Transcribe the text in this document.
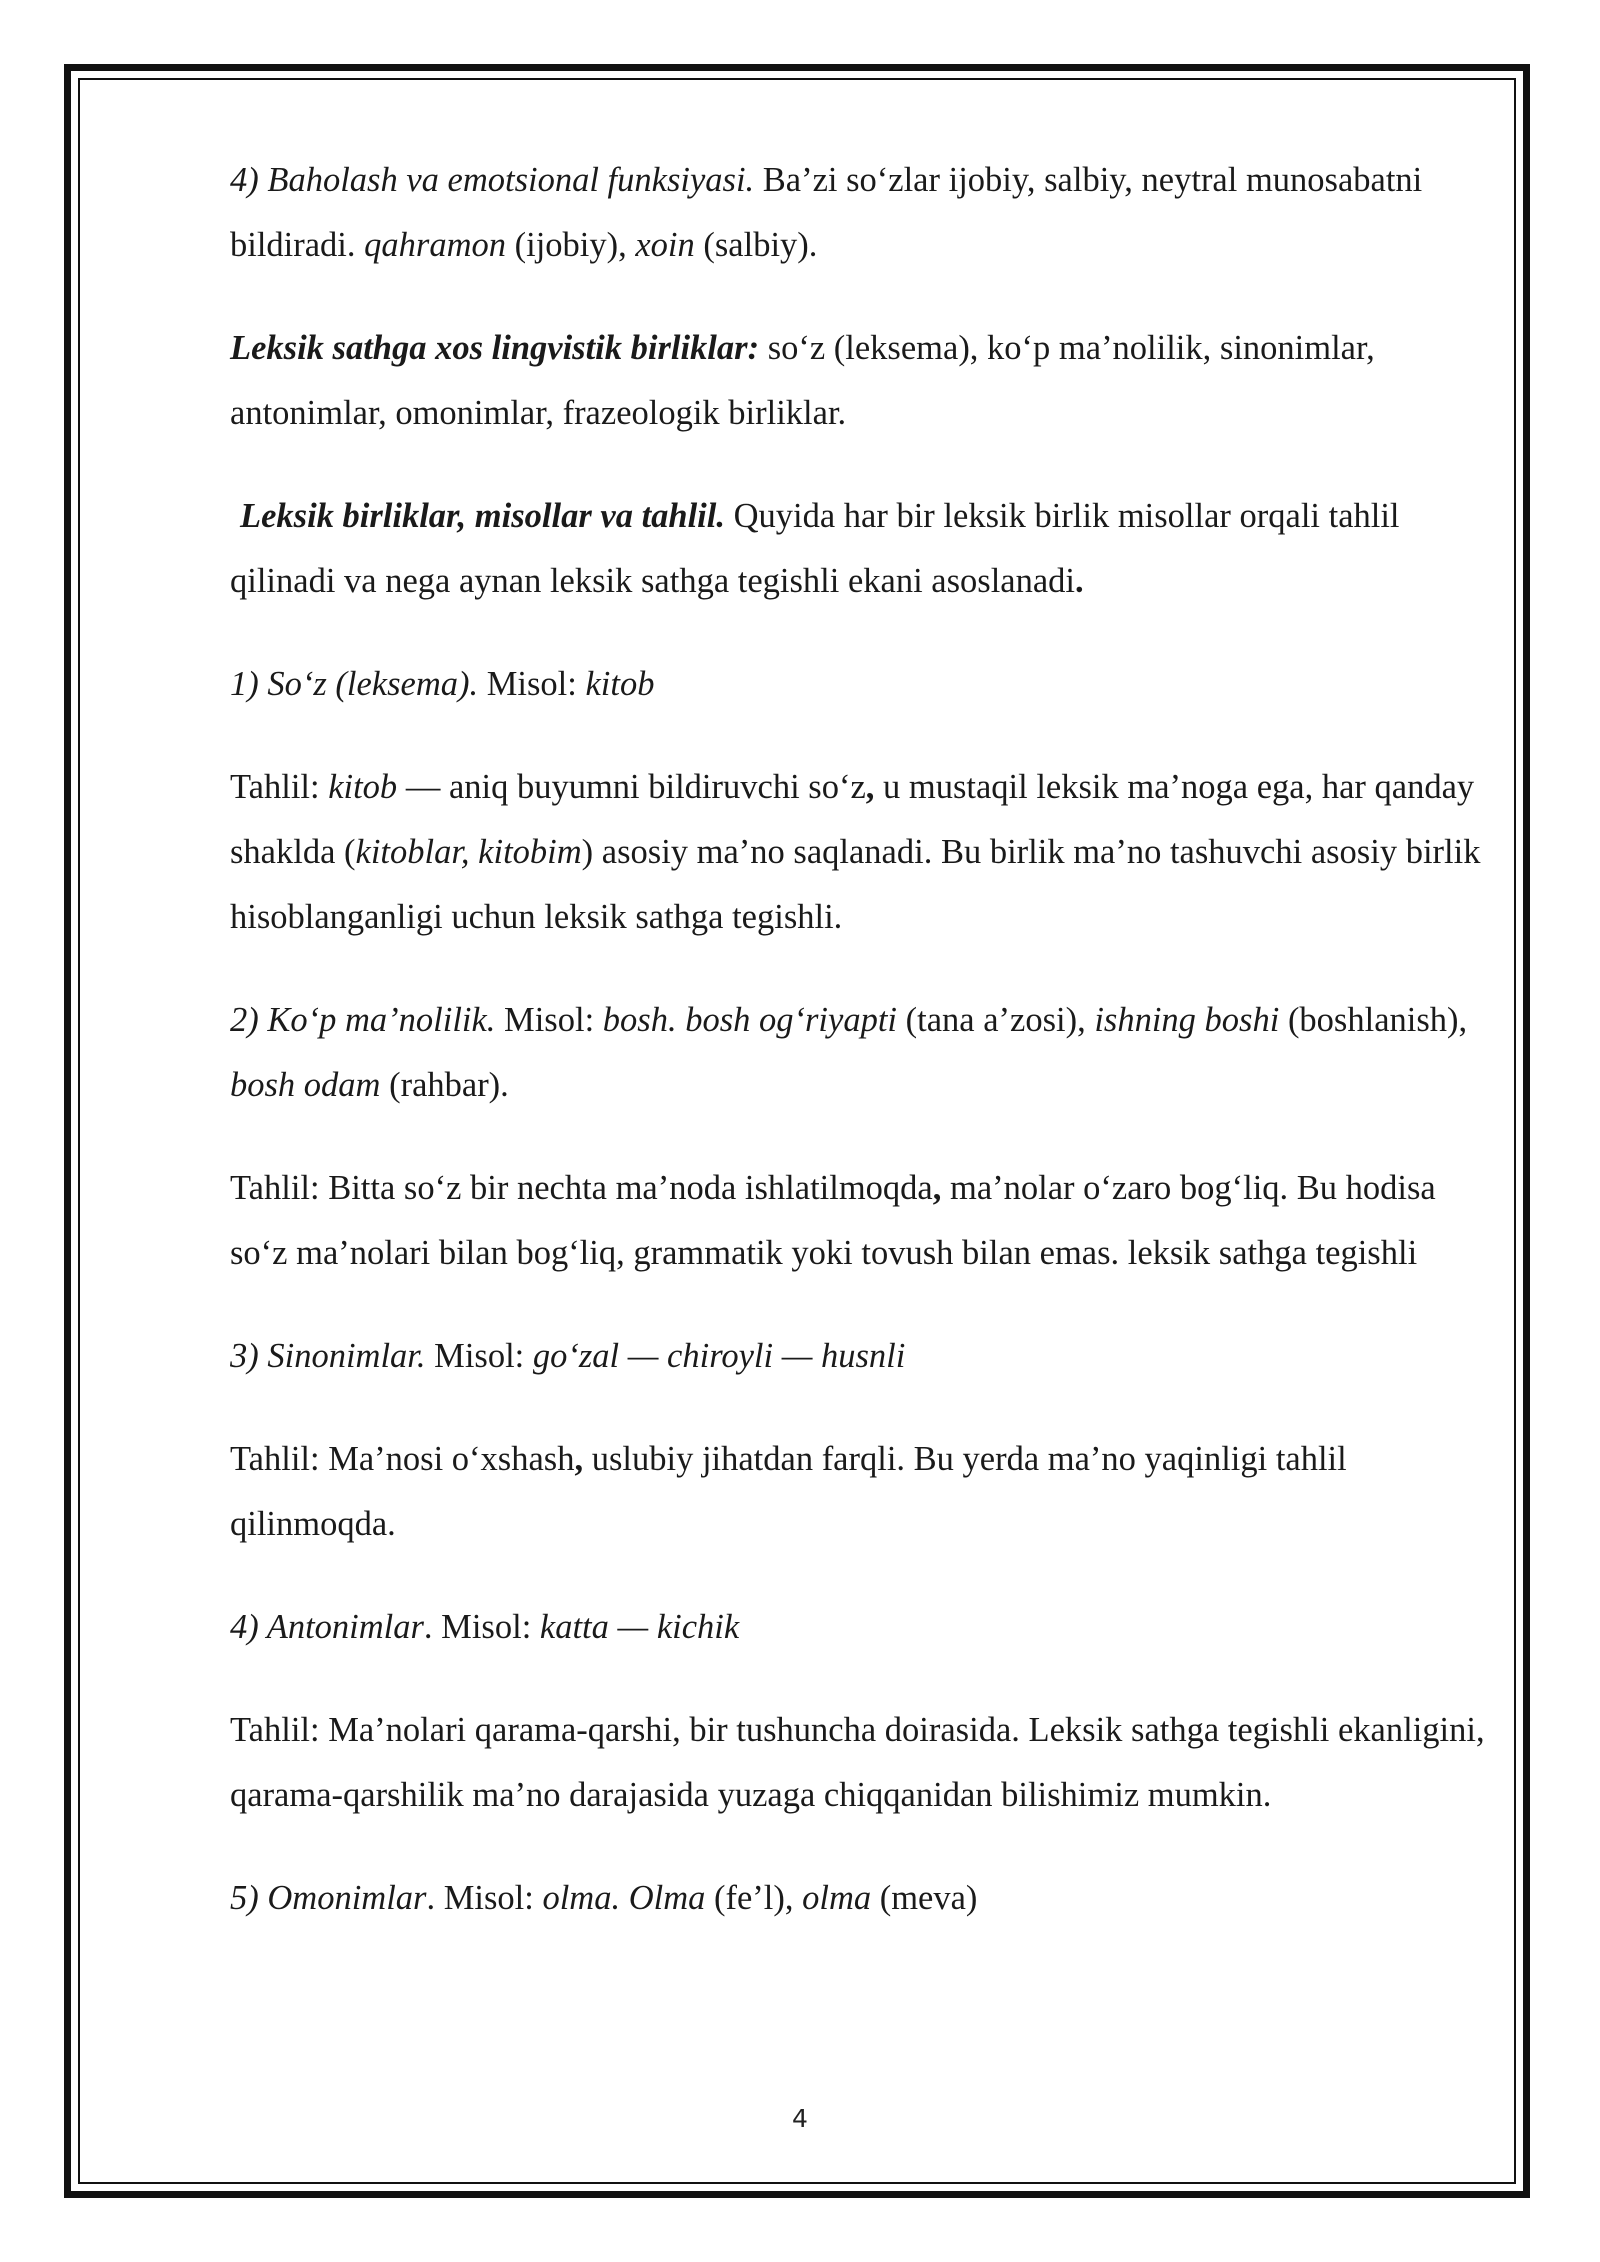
4) Baholash va emotsional funksiyasi. Ba’zi so‘zlar ijobiy, salbiy, neytral munosabatni bildiradi. qahramon (ijobiy), xoin (salbiy).

Leksik sathga xos lingvistik birliklar: so‘z (leksema), ko‘p ma’nolilik, sinonimlar, antonimlar, omonimlar, frazeologik birliklar.

Leksik birliklar, misollar va tahlil. Quyida har bir leksik birlik misollar orqali tahlil qilinadi va nega aynan leksik sathga tegishli ekani asoslanadi.

1) So‘z (leksema). Misol: kitob

Tahlil: kitob — aniq buyumni bildiruvchi so‘z, u mustaqil leksik ma’noga ega, har qanday shaklda (kitoblar, kitobim) asosiy ma’no saqlanadi. Bu birlik ma’no tashuvchi asosiy birlik hisoblanganligi uchun leksik sathga tegishli.

2) Ko‘p ma’nolilik. Misol: bosh. bosh og‘riyapti (tana a’zosi), ishning boshi (boshlanish), bosh odam (rahbar).

Tahlil: Bitta so‘z bir nechta ma’noda ishlatilmoqda, ma’nolar o‘zaro bog‘liq. Bu hodisa so‘z ma’nolari bilan bog‘liq, grammatik yoki tovush bilan emas. leksik sathga tegishli

3) Sinonimlar. Misol: go‘zal — chiroyli — husnli

Tahlil: Ma’nosi o‘xshash, uslubiy jihatdan farqli. Bu yerda ma’no yaqinligi tahlil qilinmoqda.

4) Antonimlar. Misol: katta — kichik

Tahlil: Ma’nolari qarama-qarshi, bir tushuncha doirasida. Leksik sathga tegishli ekanligini, qarama-qarshilik ma’no darajasida yuzaga chiqqanidan bilishimiz mumkin.

5) Omonimlar. Misol: olma. Olma (fe’l), olma (meva)

4
